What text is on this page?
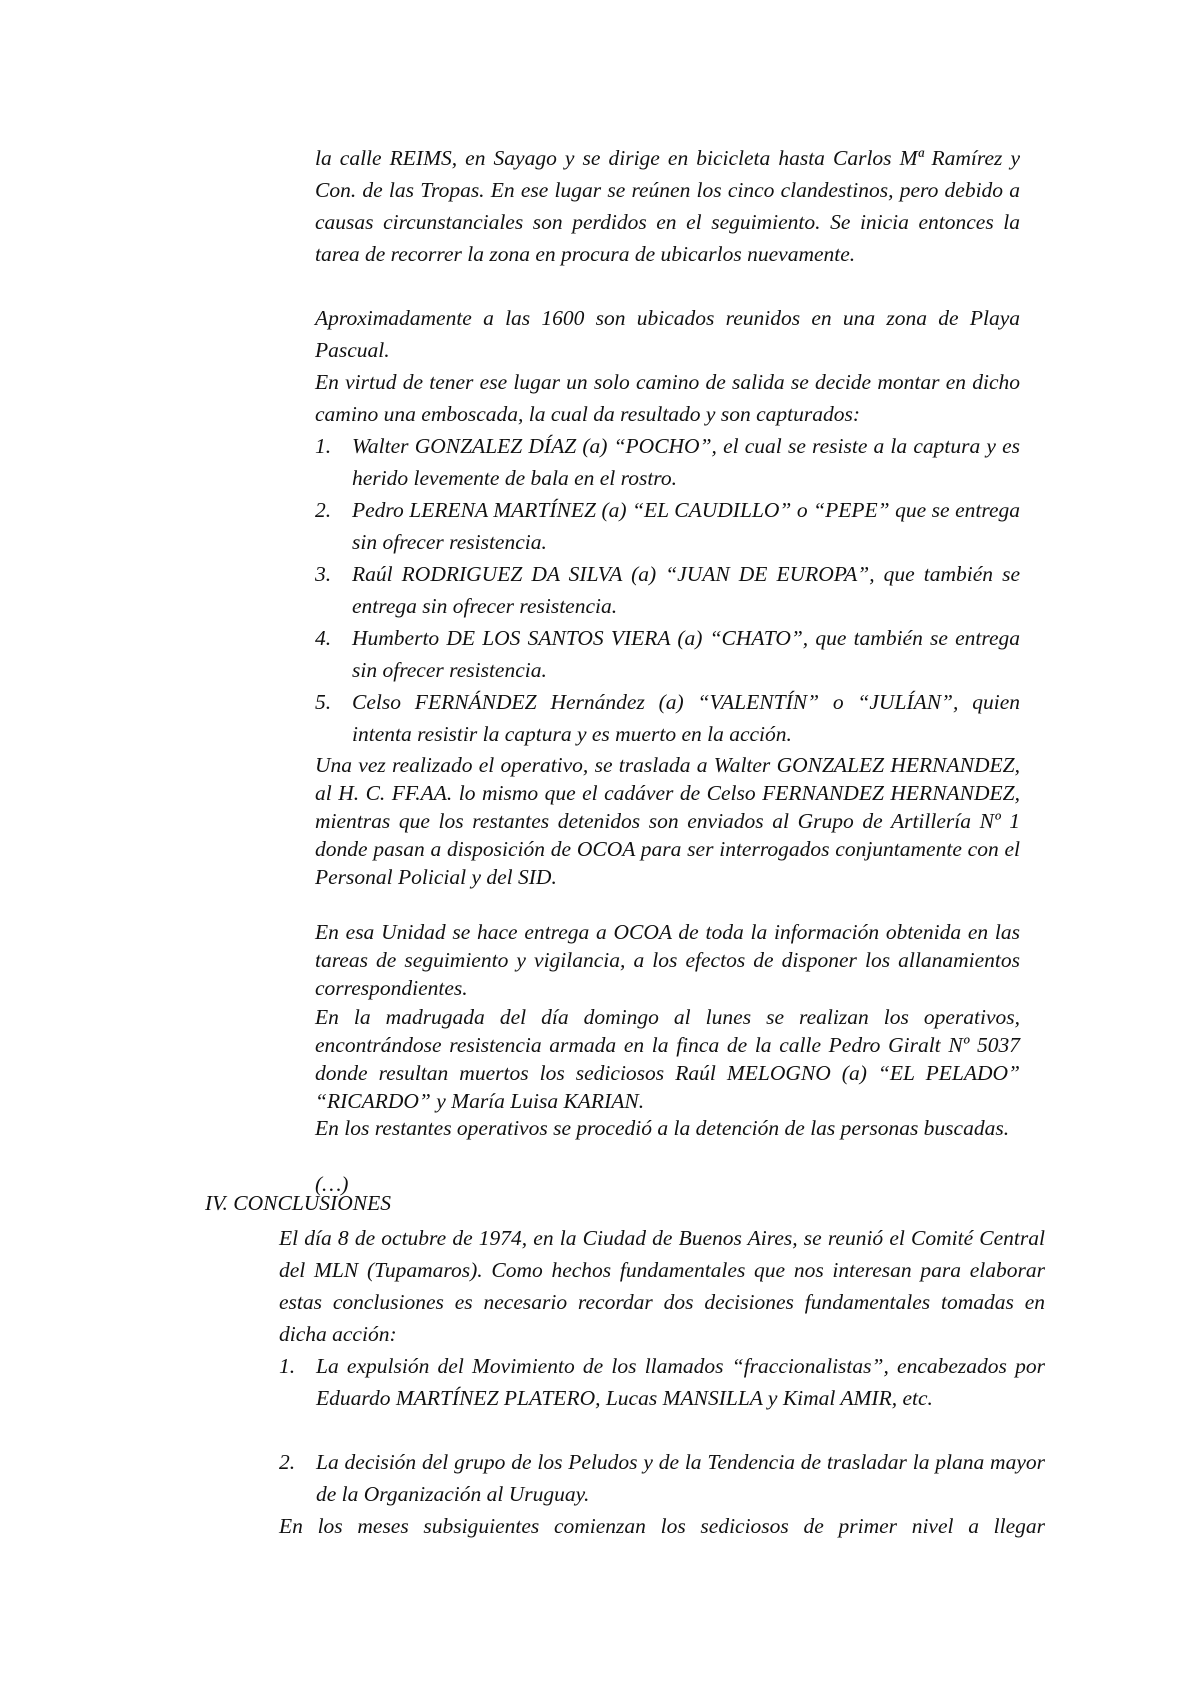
la calle REIMS, en Sayago y se dirige en bicicleta hasta Carlos Mª Ramírez y Con. de las Tropas. En ese lugar se reúnen los cinco clandestinos, pero debido a causas circunstanciales son perdidos en el seguimiento. Se inicia entonces la tarea de recorrer la zona en procura de ubicarlos nuevamente.

Aproximadamente a las 1600 son ubicados reunidos en una zona de Playa Pascual.

En virtud de tener ese lugar un solo camino de salida se decide montar en dicho camino una emboscada, la cual da resultado y son capturados:

1. Walter GONZALEZ DÍAZ (a) “POCHO”, el cual se resiste a la captura y es herido levemente de bala en el rostro.
2. Pedro LERENA MARTÍNEZ (a) “EL CAUDILLO” o “PEPE” que se entrega sin ofrecer resistencia.
3. Raúl RODRIGUEZ DA SILVA (a) “JUAN DE EUROPA”, que también se entrega sin ofrecer resistencia.
4. Humberto DE LOS SANTOS VIERA (a) “CHATO”, que también se entrega sin ofrecer resistencia.
5. Celso FERNÁNDEZ Hernández (a) “VALENTÍN” o “JULÍAN”, quien intenta resistir la captura y es muerto en la acción.

Una vez realizado el operativo, se traslada a Walter GONZALEZ HERNANDEZ, al H. C. FF.AA. lo mismo que el cadáver de Celso FERNANDEZ HERNANDEZ, mientras que los restantes detenidos son enviados al Grupo de Artillería Nº 1 donde pasan a disposición de OCOA para ser interrogados conjuntamente con el Personal Policial y del SID.

En esa Unidad se hace entrega a OCOA de toda la información obtenida en las tareas de seguimiento y vigilancia, a los efectos de disponer los allanamientos correspondientes.

En la madrugada del día domingo al lunes se realizan los operativos, encontrándose resistencia armada en la finca de la calle Pedro Giralt Nº 5037 donde resultan muertos los sediciosos Raúl MELOGNO (a) “EL PELADO” “RICARDO” y María Luisa KARIAN.

En los restantes operativos se procedió a la detención de las personas buscadas.

(…)

IV. CONCLUSIONES

El día 8 de octubre de 1974, en la Ciudad de Buenos Aires, se reunió el Comité Central del MLN (Tupamaros). Como hechos fundamentales que nos interesan para elaborar estas conclusiones es necesario recordar dos decisiones fundamentales tomadas en dicha acción:

1. La expulsión del Movimiento de los llamados “fraccionalistas”, encabezados por Eduardo MARTÍNEZ PLATERO, Lucas MANSILLA y Kimal AMIR, etc.
2. La decisión del grupo de los Peludos y de la Tendencia de trasladar la plana mayor de la Organización al Uruguay.

En los meses subsiguientes comienzan los sediciosos de primer nivel a llegar
